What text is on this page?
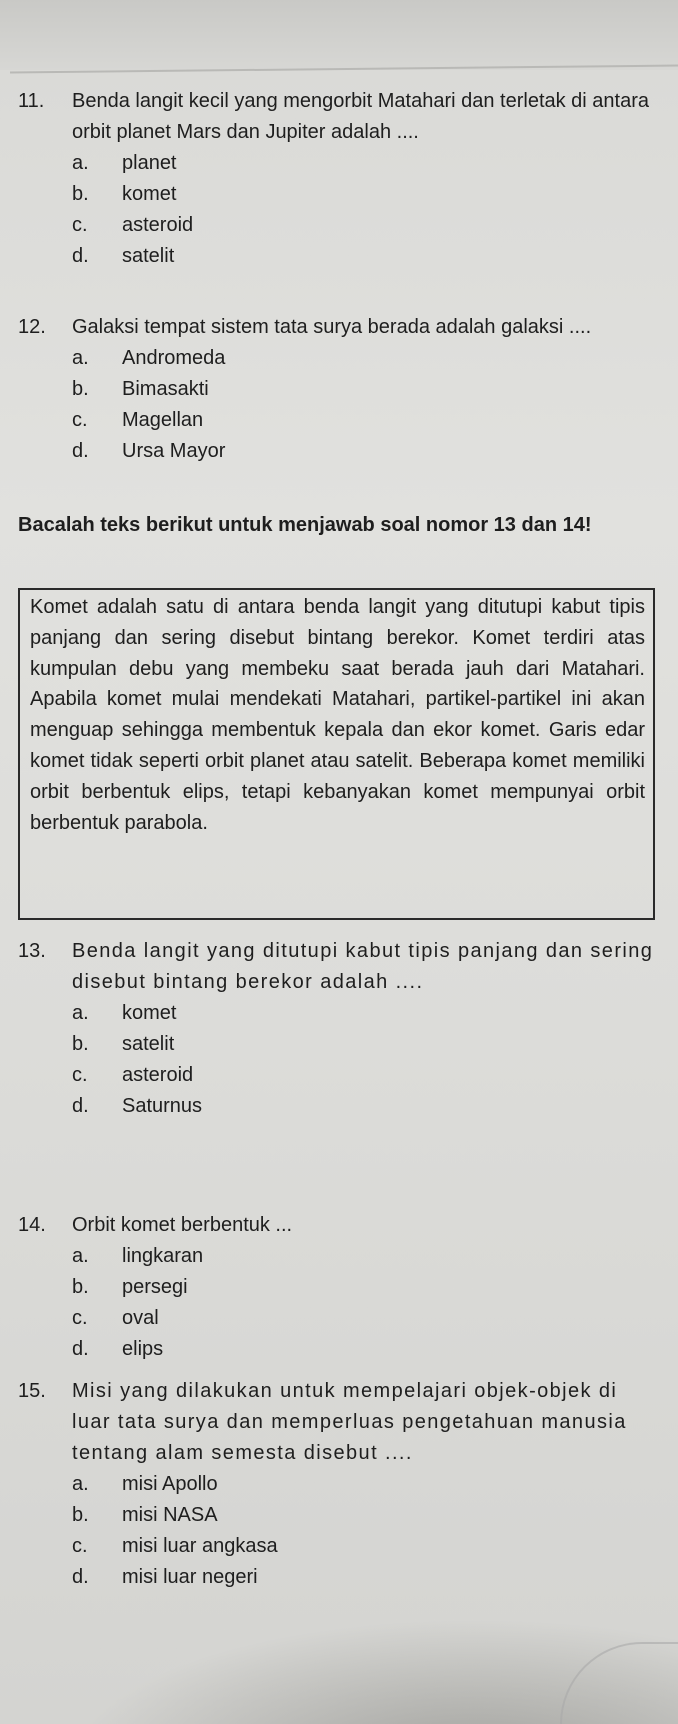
11. Benda langit kecil yang mengorbit Matahari dan terletak di antara orbit planet Mars dan Jupiter adalah ....
a.	planet
b.	komet
c.	asteroid
d.	satelit
12. Galaksi tempat sistem tata surya berada adalah galaksi ....
a.	Andromeda
b.	Bimasakti
c.	Magellan
d.	Ursa Mayor
Bacalah teks berikut untuk menjawab soal nomor 13 dan 14!

Komet adalah satu di antara benda langit yang ditutupi kabut tipis panjang dan sering disebut bintang berekor. Komet terdiri atas kumpulan debu yang membeku saat berada jauh dari Matahari. Apabila komet mulai mendekati Matahari, partikel-partikel ini akan menguap sehingga membentuk kepala dan ekor komet. Garis edar komet tidak seperti orbit planet atau satelit. Beberapa komet memiliki orbit berbentuk elips, tetapi kebanyakan komet mempunyai orbit berbentuk parabola.

13. Benda langit yang ditutupi kabut tipis panjang dan sering disebut bintang berekor adalah ....
a.	komet
b.	satelit
c.	asteroid
d.	Saturnus
14. Orbit komet berbentuk ...
a.	lingkaran
b.	persegi
c.	oval
d.	elips
15. Misi yang dilakukan untuk mempelajari objek-objek di luar tata surya dan memperluas pengetahuan manusia tentang alam semesta disebut ....
a.	misi Apollo
b.	misi NASA
c.	misi luar angkasa
d.	misi luar negeri
